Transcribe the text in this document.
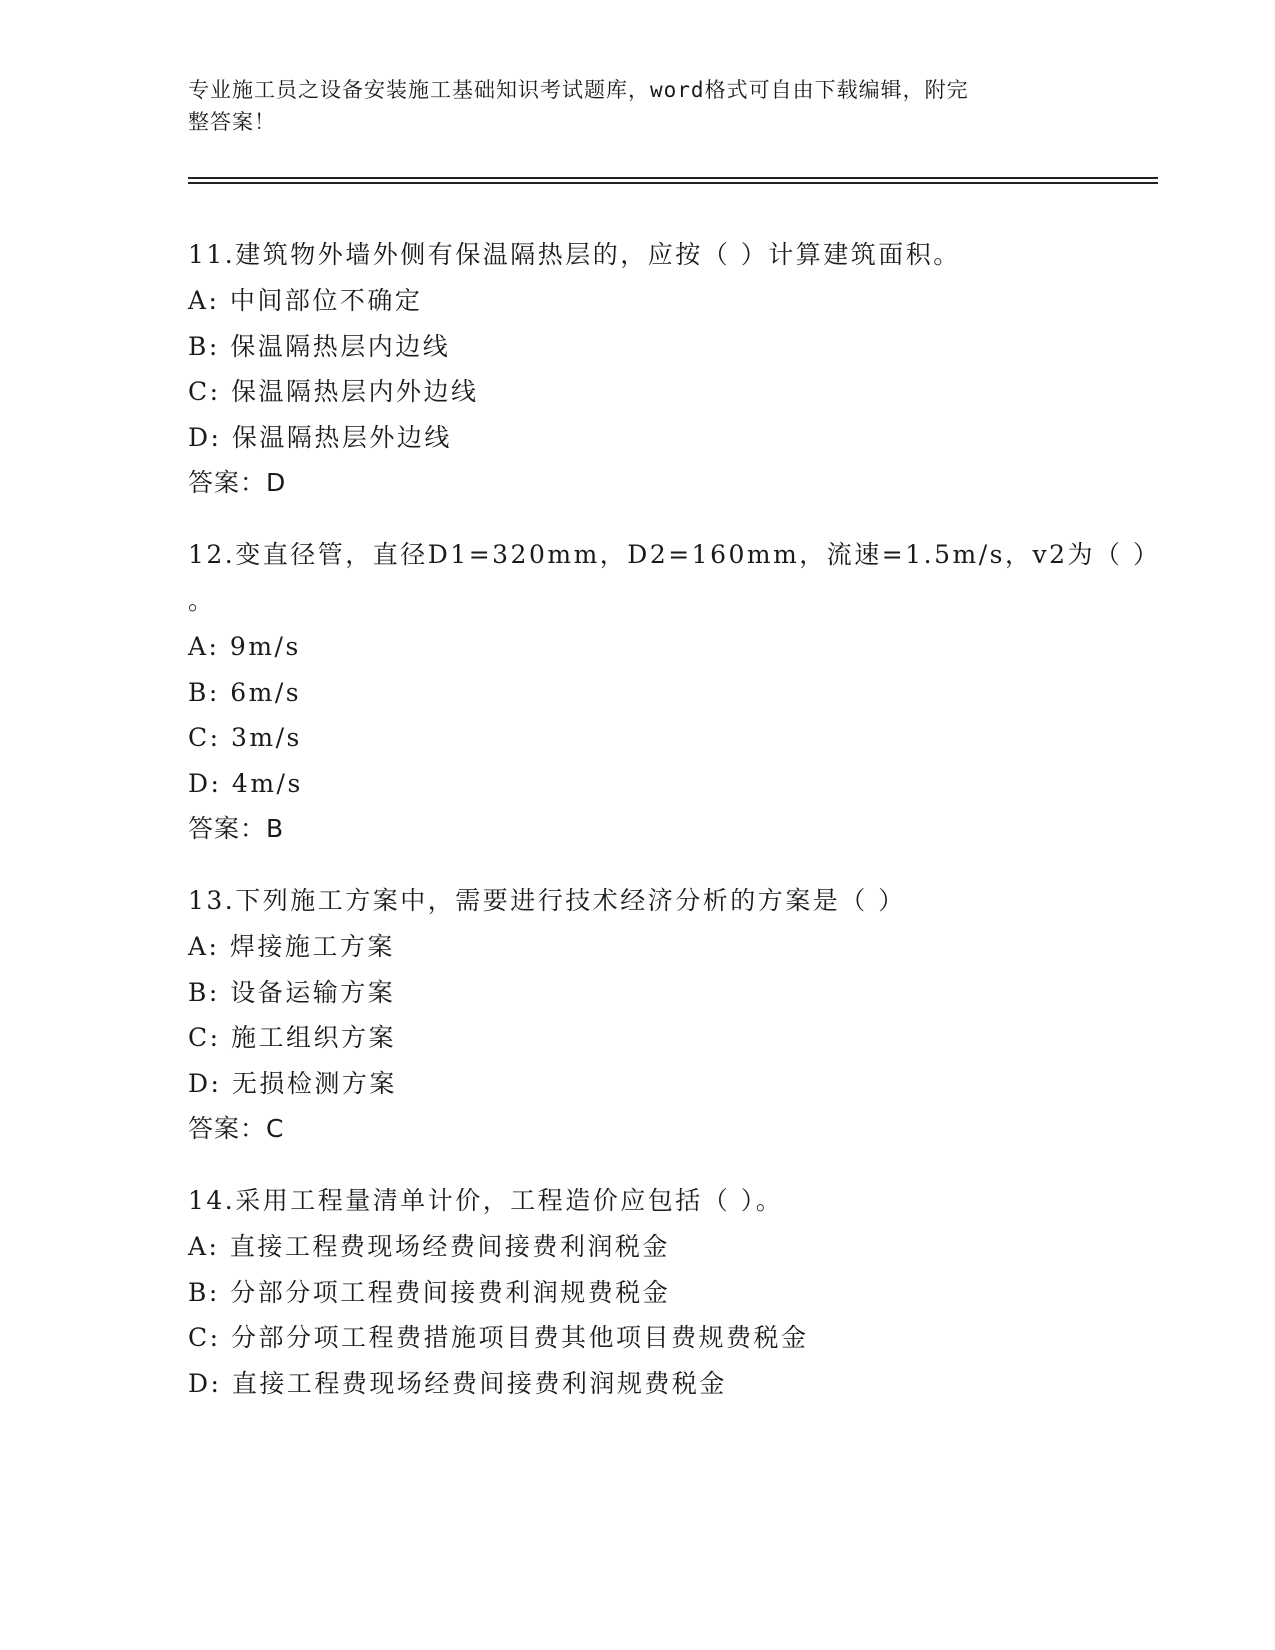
专业施工员之设备安装施工基础知识考试题库，word格式可自由下载编辑，附完
整答案！

11.建筑物外墙外侧有保温隔热层的，应按（ ）计算建筑面积。

A: 中间部位不确定

B: 保温隔热层内边线

C: 保温隔热层内外边线

D: 保温隔热层外边线

答案：D

12.变直径管，直径D1=320mm，D2=160mm，流速=1.5m/s，v2为（ ）

。

A: 9m/s

B: 6m/s

C: 3m/s

D: 4m/s

答案：B

13.下列施工方案中，需要进行技术经济分析的方案是（ ）

A: 焊接施工方案

B: 设备运输方案

C: 施工组织方案

D: 无损检测方案

答案：C

14.采用工程量清单计价，工程造价应包括（ ）。

A: 直接工程费现场经费间接费利润税金

B: 分部分项工程费间接费利润规费税金

C: 分部分项工程费措施项目费其他项目费规费税金

D: 直接工程费现场经费间接费利润规费税金
